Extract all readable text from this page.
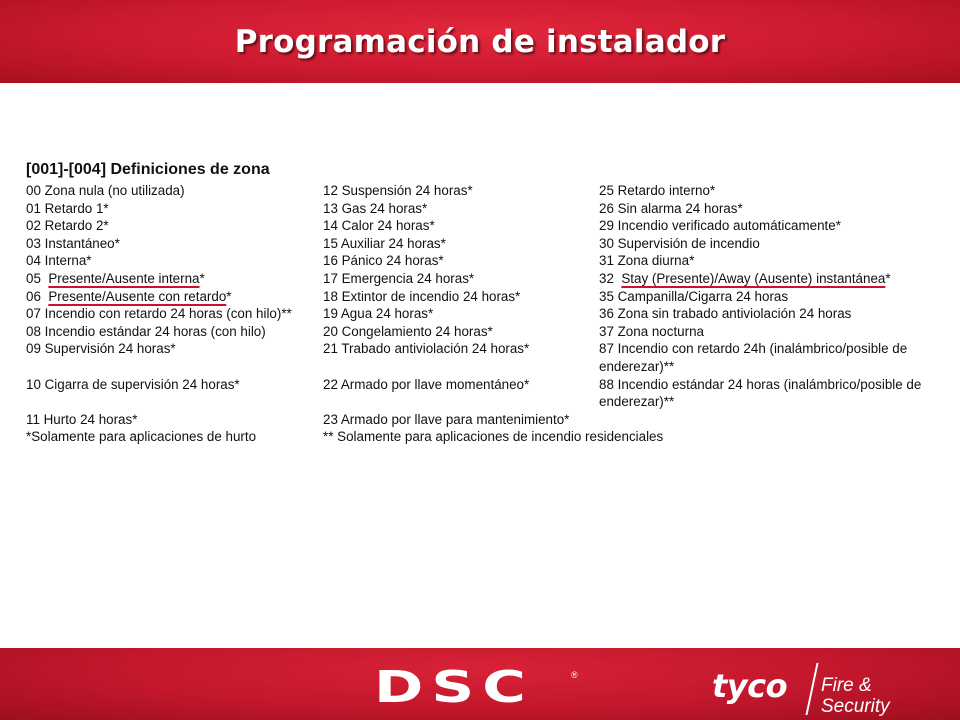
Programación de instalador
[001]-[004] Definiciones de zona
00 Zona nula (no utilizada)	12 Suspensión 24 horas*	25 Retardo interno*
01 Retardo 1*	13 Gas 24 horas*	26 Sin alarma 24 horas*
02 Retardo 2*	14 Calor 24 horas*	29 Incendio verificado automáticamente*
03 Instantáneo*	15 Auxiliar 24 horas*	30 Supervisión de incendio
04 Interna*	16 Pánico 24 horas*	31 Zona diurna*
05 Presente/Ausente interna*	17 Emergencia 24 horas*	32 Stay (Presente)/Away (Ausente) instantánea*
06 Presente/Ausente con retardo*	18 Extintor de incendio 24 horas*	35 Campanilla/Cigarra 24 horas
07 Incendio con retardo 24 horas (con hilo)** 19 Agua 24 horas*	36 Zona sin trabado antiviolación 24 horas
08 Incendio estándar 24 horas (con hilo)	20 Congelamiento 24 horas*	37 Zona nocturna
09 Supervisión 24 horas*	21 Trabado antiviolación 24 horas*	87 Incendio con retardo 24h (inalámbrico/posible de enderezar)**
10 Cigarra de supervisión 24 horas*	22 Armado por llave momentáneo*	88 Incendio estándar 24 horas (inalámbrico/posible de enderezar)**
11 Hurto 24 horas*	23 Armado por llave para mantenimiento*
*Solamente para aplicaciones de hurto	** Solamente para aplicaciones de incendio residenciales
DSC	®	tyco Fire &
Security
